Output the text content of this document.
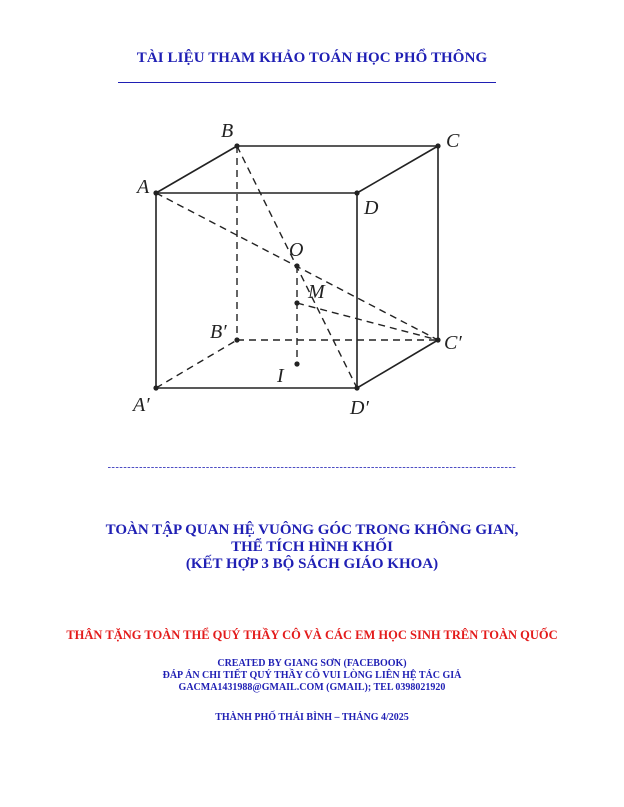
TÀI LIỆU THAM KHẢO TOÁN HỌC PHỔ THÔNG
A
B	C
D
A′
B′	C′
D′
O
M
I
--------------------------------------------------------------------------------------------------------
TOÀN TẬP QUAN HỆ VUÔNG GÓC TRONG KHÔNG GIAN,
THỂ TÍCH HÌNH KHỐI
(KẾT HỢP 3 BỘ SÁCH GIÁO KHOA)
THÂN TẶNG TOÀN THỂ QUÝ THẦY CÔ VÀ CÁC EM HỌC SINH TRÊN TOÀN QUỐC
CREATED BY GIANG SƠN (FACEBOOK)
ĐÁP ÁN CHI TIẾT QUÝ THẦY CÔ VUI LÒNG LIÊN HỆ TÁC GIẢ
GACMA1431988@GMAIL.COM (GMAIL); TEL 0398021920
THÀNH PHỐ THÁI BÌNH – THÁNG 4/2025
